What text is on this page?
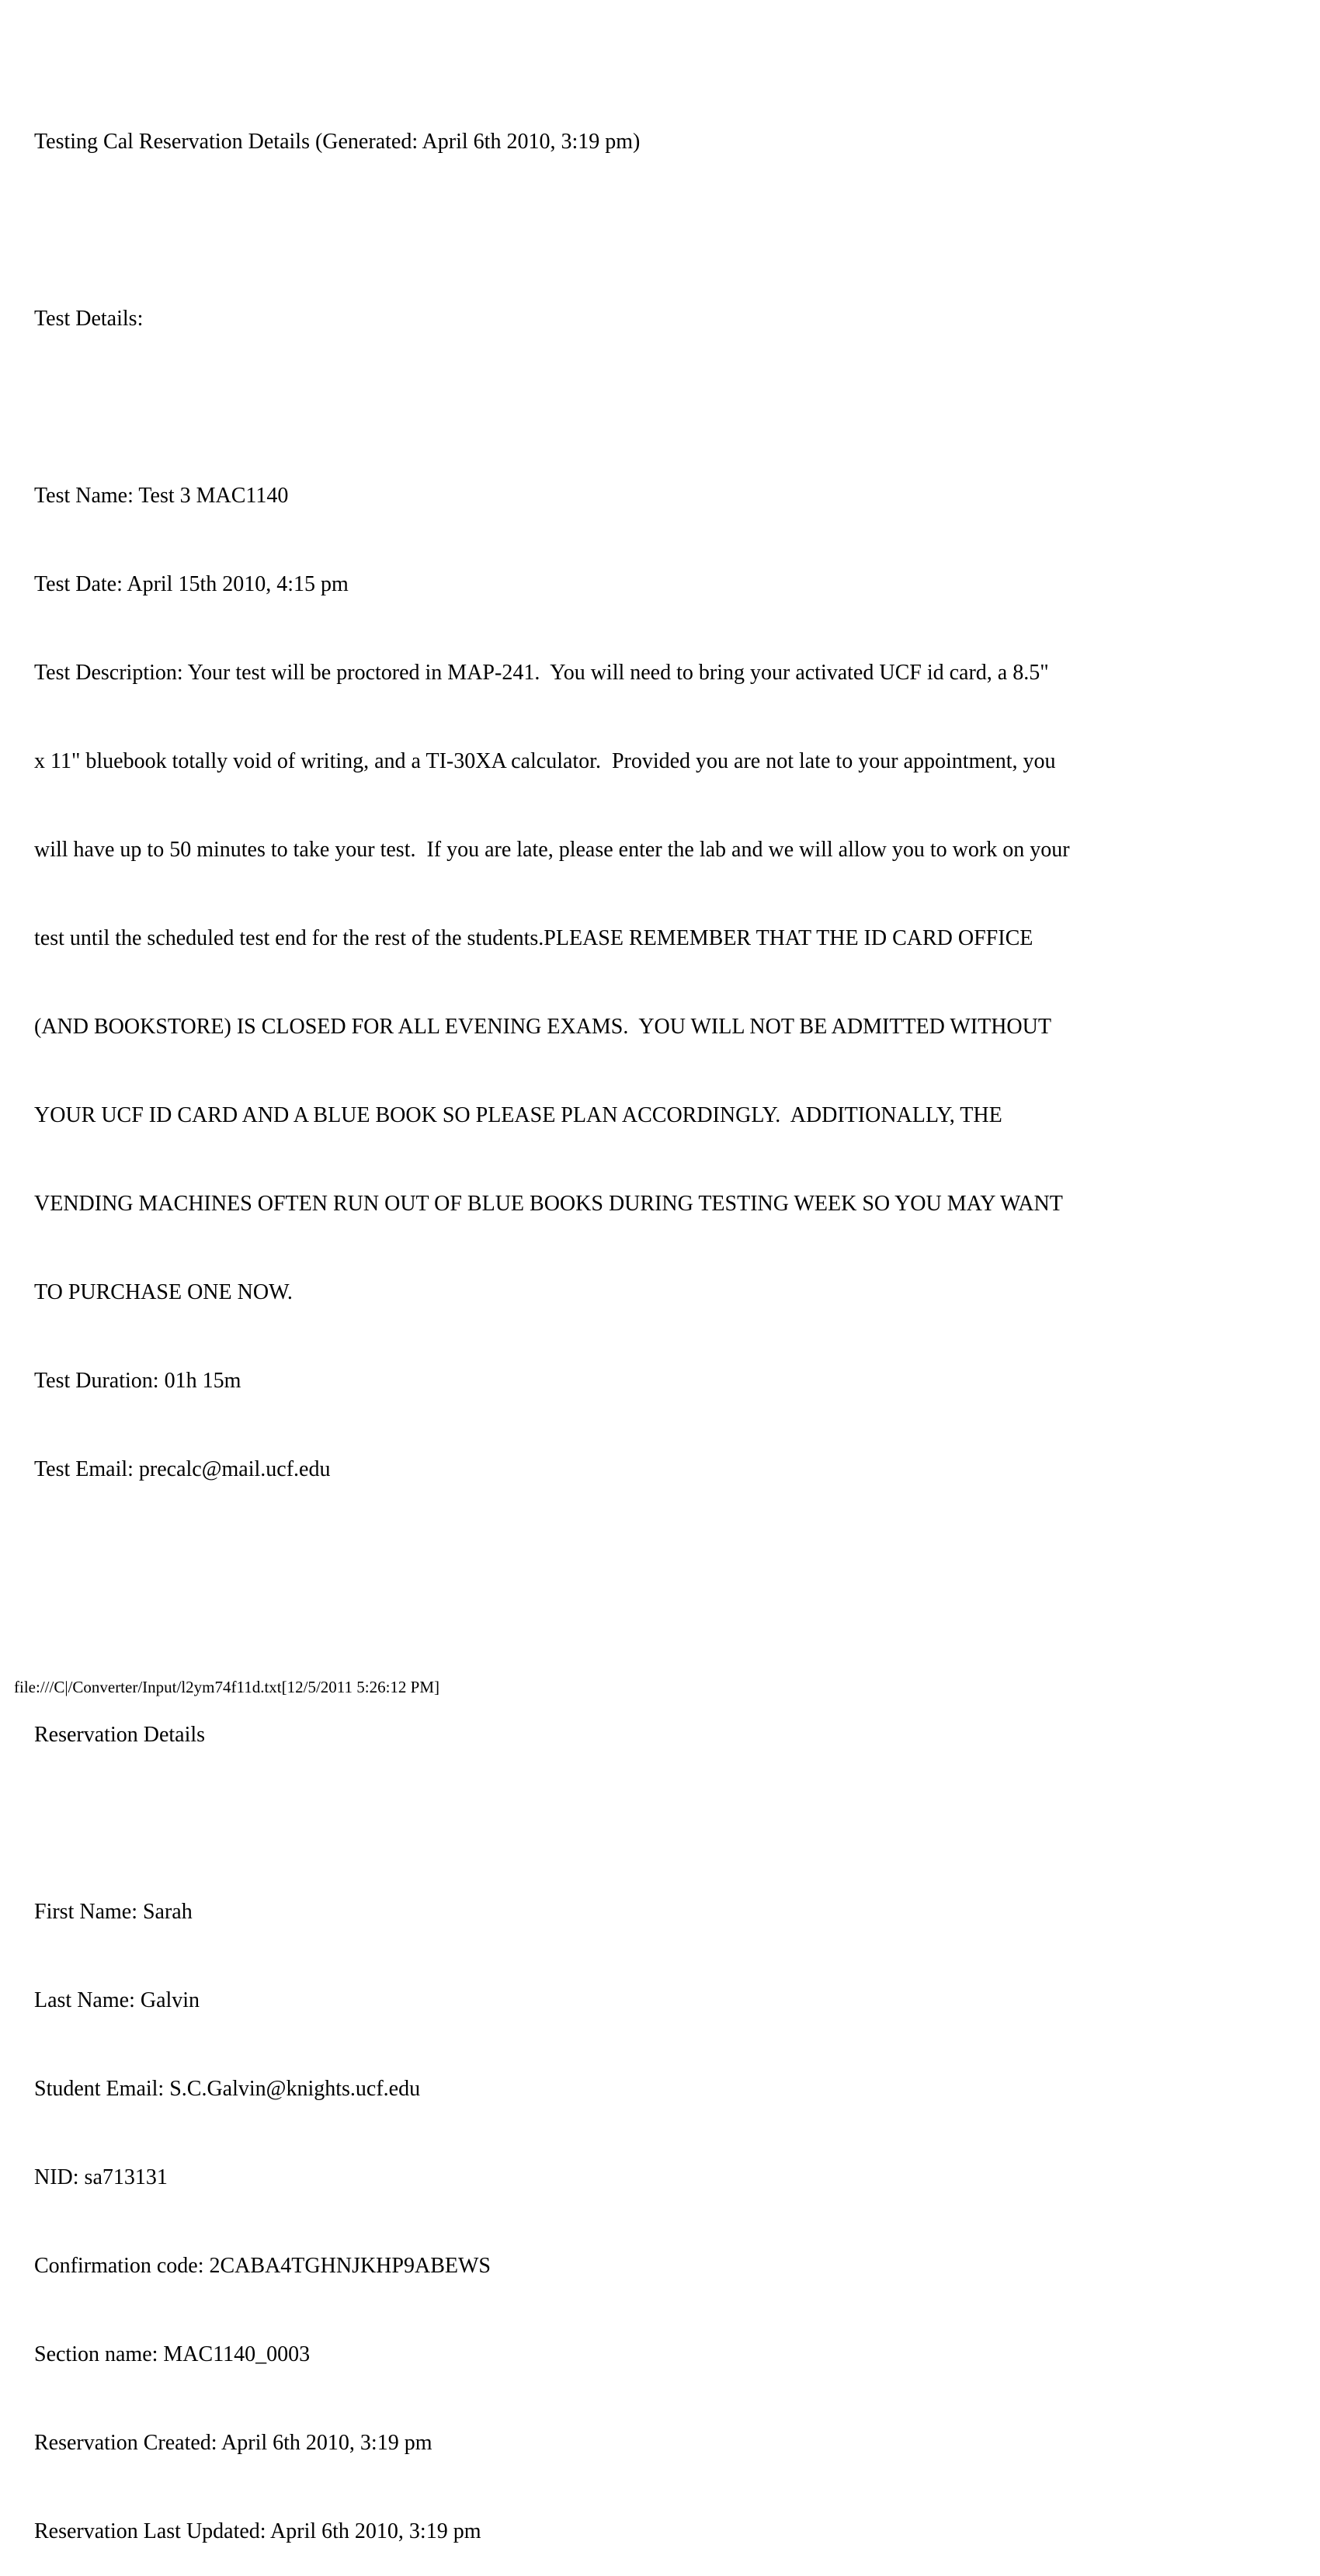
Testing Cal Reservation Details (Generated: April 6th 2010, 3:19 pm)

Test Details:

Test Name: Test 3 MAC1140

Test Date: April 15th 2010, 4:15 pm

Test Description: Your test will be proctored in MAP-241.  You will need to bring your activated UCF id card, a 8.5"

x 11" bluebook totally void of writing, and a TI-30XA calculator.  Provided you are not late to your appointment, you

will have up to 50 minutes to take your test.  If you are late, please enter the lab and we will allow you to work on your

test until the scheduled test end for the rest of the students.PLEASE REMEMBER THAT THE ID CARD OFFICE

(AND BOOKSTORE) IS CLOSED FOR ALL EVENING EXAMS.  YOU WILL NOT BE ADMITTED WITHOUT

YOUR UCF ID CARD AND A BLUE BOOK SO PLEASE PLAN ACCORDINGLY.  ADDITIONALLY, THE

VENDING MACHINES OFTEN RUN OUT OF BLUE BOOKS DURING TESTING WEEK SO YOU MAY WANT

TO PURCHASE ONE NOW.

Test Duration: 01h 15m

Test Email: precalc@mail.ucf.edu

Reservation Details

First Name: Sarah

Last Name: Galvin

Student Email: S.C.Galvin@knights.ucf.edu

NID: sa713131

Confirmation code: 2CABA4TGHNJKHP9ABEWS

Section name: MAC1140_0003

Reservation Created: April 6th 2010, 3:19 pm

Reservation Last Updated: April 6th 2010, 3:19 pm

file:///C|/Converter/Input/l2ym74f11d.txt[12/5/2011 5:26:12 PM]
